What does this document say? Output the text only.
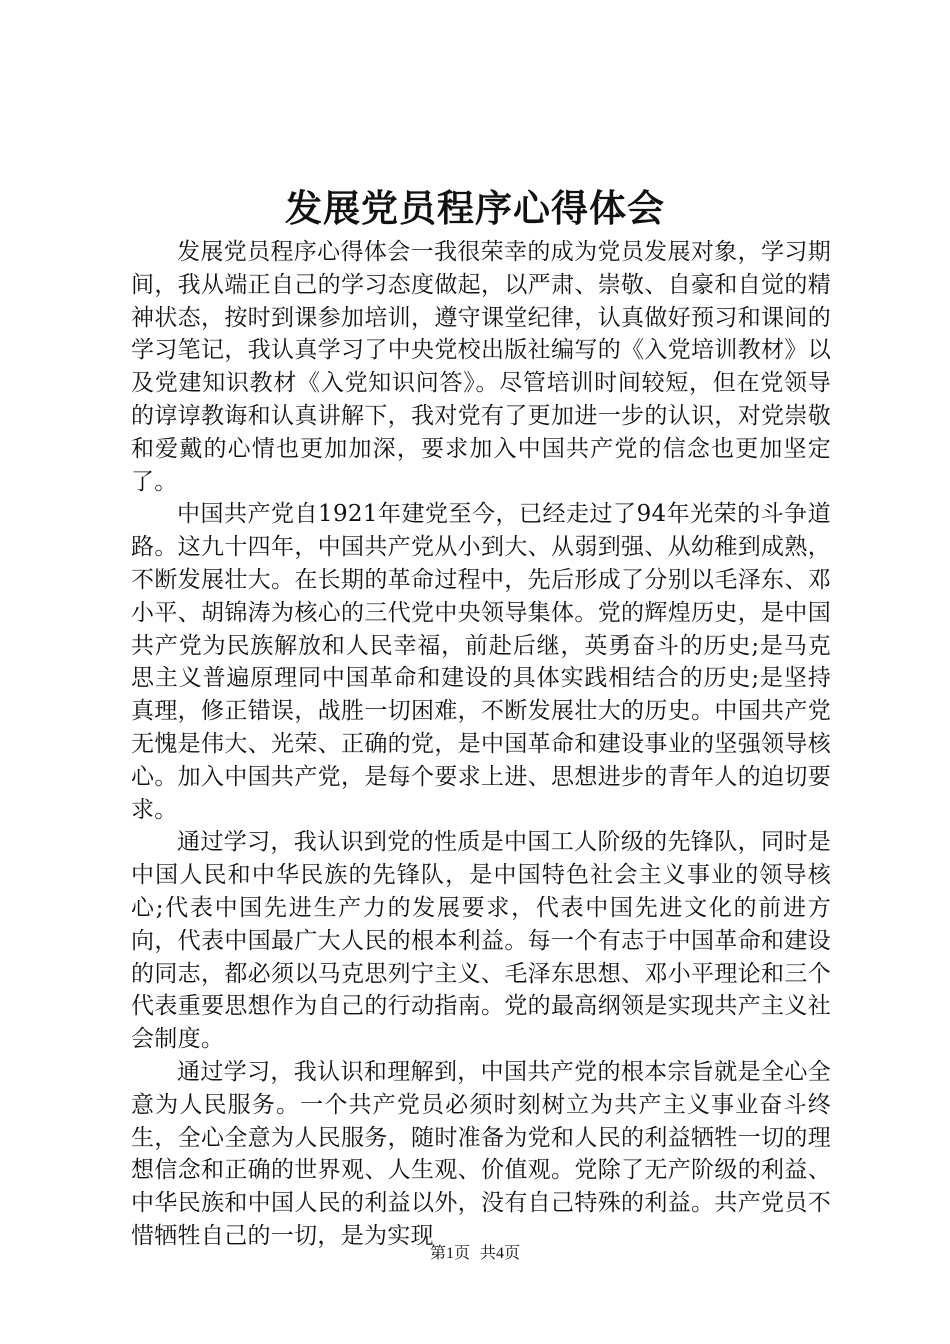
发展党员程序心得体会

发展党员程序心得体会一我很荣幸的成为党员发展对象，学习期间，我从端正自己的学习态度做起，以严肃、崇敬、自豪和自觉的精神状态，按时到课参加培训，遵守课堂纪律，认真做好预习和课间的学习笔记，我认真学习了中央党校出版社编写的《入党培训教材》以及党建知识教材《入党知识问答》。尽管培训时间较短，但在党领导的谆谆教诲和认真讲解下，我对党有了更加进一步的认识，对党崇敬和爱戴的心情也更加加深，要求加入中国共产党的信念也更加坚定了。

中国共产党自1921年建党至今，已经走过了94年光荣的斗争道路。这九十四年，中国共产党从小到大、从弱到强、从幼稚到成熟，不断发展壮大。在长期的革命过程中，先后形成了分别以毛泽东、邓小平、胡锦涛为核心的三代党中央领导集体。党的辉煌历史，是中国共产党为民族解放和人民幸福，前赴后继，英勇奋斗的历史;是马克思主义普遍原理同中国革命和建设的具体实践相结合的历史;是坚持真理，修正错误，战胜一切困难，不断发展壮大的历史。中国共产党无愧是伟大、光荣、正确的党，是中国革命和建设事业的坚强领导核心。加入中国共产党，是每个要求上进、思想进步的青年人的迫切要求。

通过学习，我认识到党的性质是中国工人阶级的先锋队，同时是中国人民和中华民族的先锋队，是中国特色社会主义事业的领导核心;代表中国先进生产力的发展要求，代表中国先进文化的前进方向，代表中国最广大人民的根本利益。每一个有志于中国革命和建设的同志，都必须以马克思列宁主义、毛泽东思想、邓小平理论和三个代表重要思想作为自己的行动指南。党的最高纲领是实现共产主义社会制度。

通过学习，我认识和理解到，中国共产党的根本宗旨就是全心全意为人民服务。一个共产党员必须时刻树立为共产主义事业奋斗终生，全心全意为人民服务，随时准备为党和人民的利益牺牲一切的理想信念和正确的世界观、人生观、价值观。党除了无产阶级的利益、中华民族和中国人民的利益以外，没有自己特殊的利益。共产党员不惜牺牲自己的一切，是为实现

第1页 共4页
